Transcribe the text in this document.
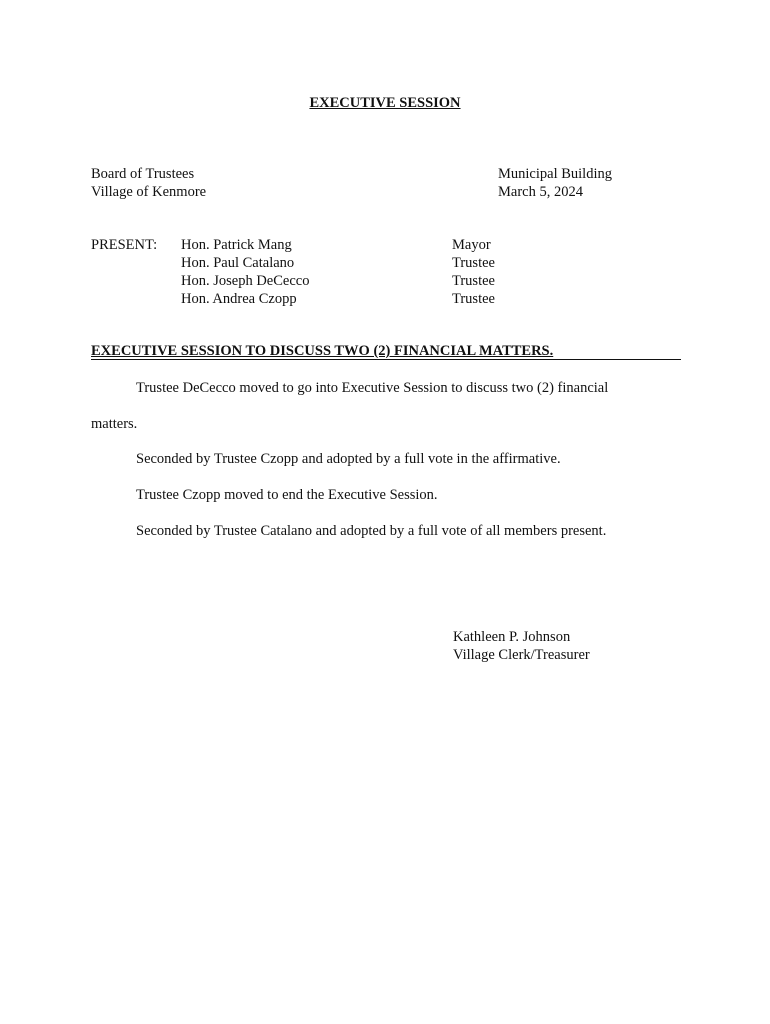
EXECUTIVE SESSION
Board of Trustees
Village of Kenmore
Municipal Building
March 5, 2024
PRESENT: Hon. Patrick Mang
Hon. Paul Catalano
Hon. Joseph DeCecco
Hon. Andrea Czopp
Mayor
Trustee
Trustee
Trustee
EXECUTIVE SESSION TO DISCUSS TWO (2) FINANCIAL MATTERS.
Trustee DeCecco moved to go into Executive Session to discuss two (2) financial
matters.
Seconded by Trustee Czopp and adopted by a full vote in the affirmative.
Trustee Czopp moved to end the Executive Session.
Seconded by Trustee Catalano and adopted by a full vote of all members present.
Kathleen P. Johnson
Village Clerk/Treasurer
